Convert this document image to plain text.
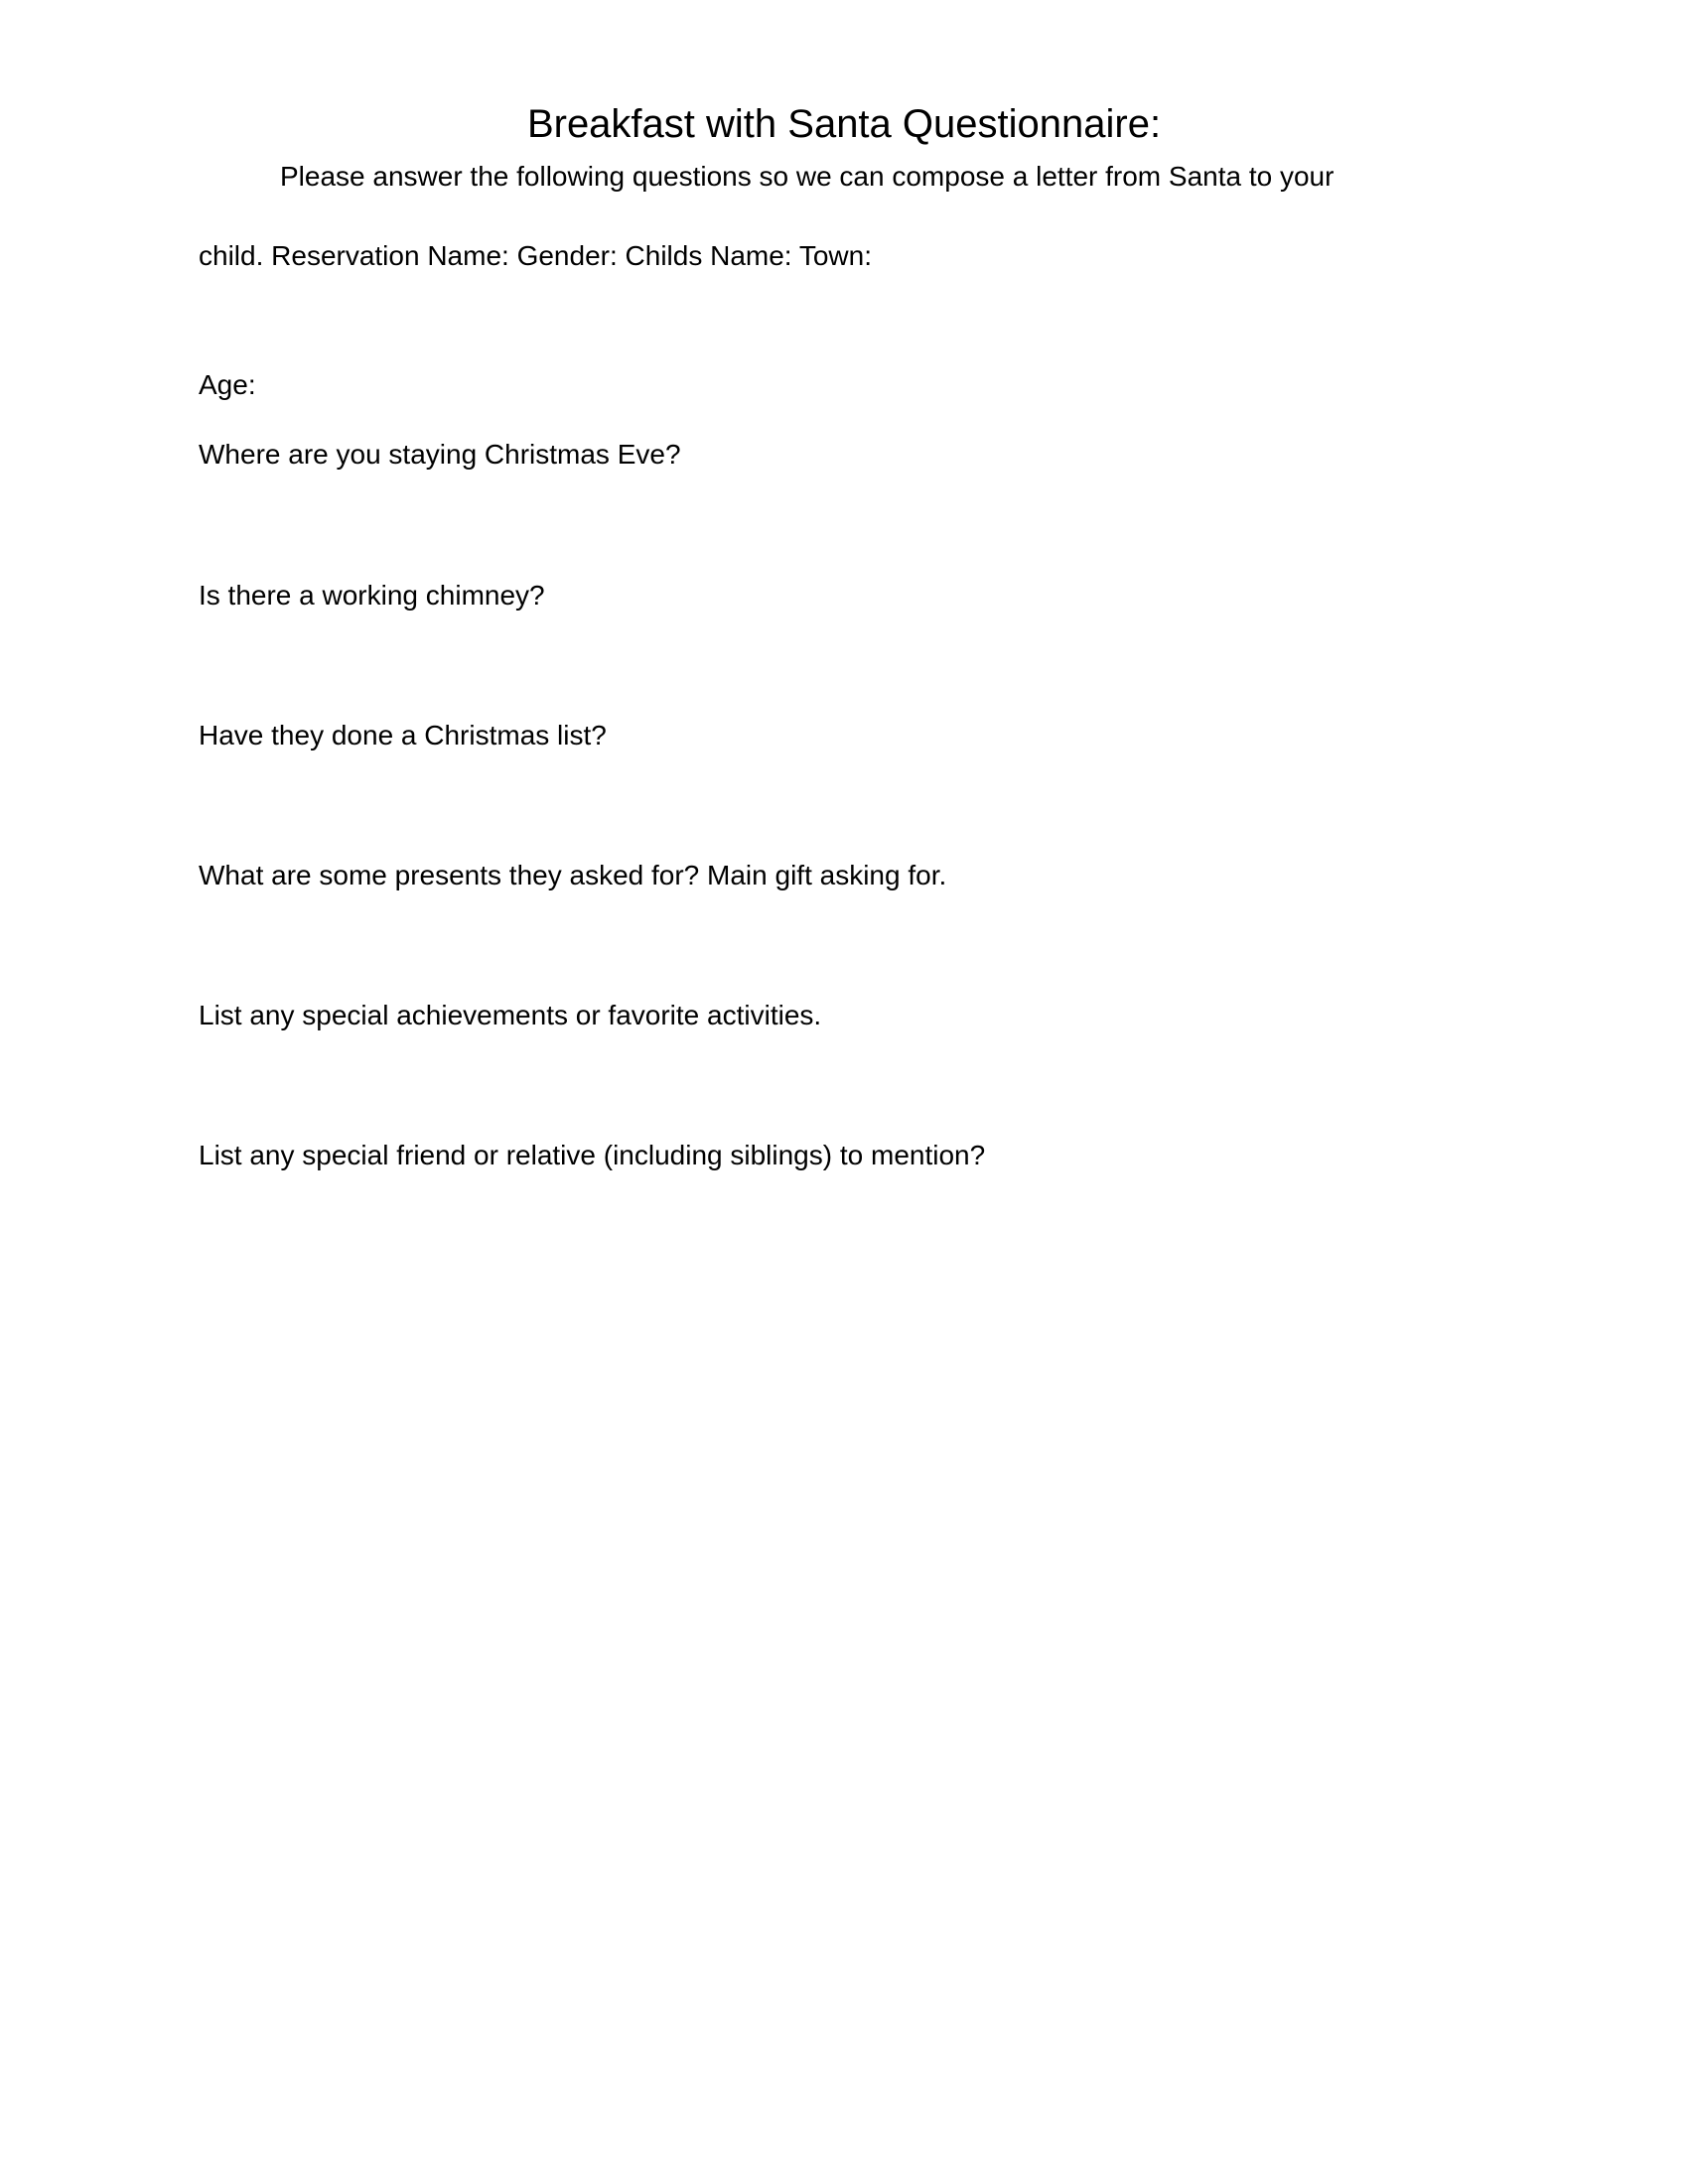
Breakfast with Santa Questionnaire:
Please answer the following questions so we can compose a letter from Santa to your
child. Reservation Name: Gender: Childs Name: Town:
Age:
Where are you staying Christmas Eve?
Is there a working chimney?
Have they done a Christmas list?
What are some presents they asked for? Main gift asking for.
List any special achievements or favorite activities.
List any special friend or relative (including siblings) to mention?
